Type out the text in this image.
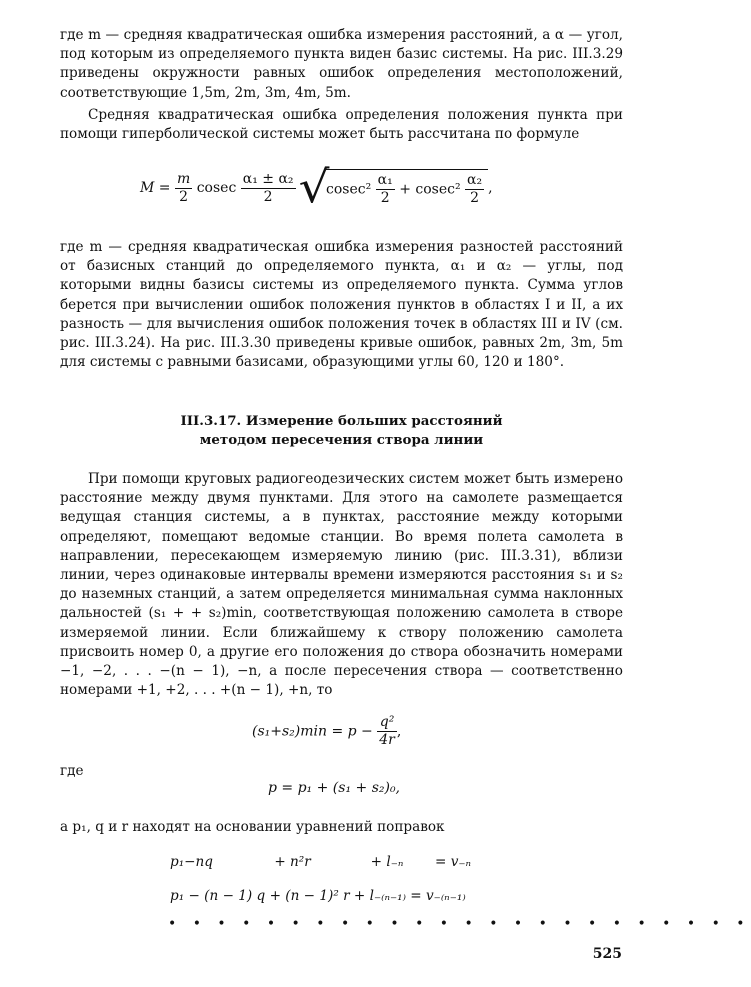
где m — средняя квадратическая ошибка измерения расстояний, а α — угол, под которым из определяемого пункта виден базис системы. На рис. III.3.29 приведены окружности равных ошибок определения местоположений, соответствующие 1,5m, 2m, 3m, 4m, 5m.

Средняя квадратическая ошибка определения положения пункта при помощи гиперболической системы может быть рассчитана по формуле

$M = \frac{m}{2}$ cosec $\frac{\text{α₁ ± α₂}}{2} √cosec^2 \frac{\text{α₁}}{2} + cosec^2 \frac{\text{α₂}}{2}$ ,

где m — средняя квадратическая ошибка измерения разностей расстояний от базисных станций до определяемого пункта, α₁ и α₂ — углы, под которыми видны базисы системы из определяемого пункта. Сумма углов берется при вычислении ошибок положения пунктов в областях I и II, а их разность — для вычисления ошибок положения точек в областях III и IV (см. рис. III.3.24). На рис. III.3.30 приведены кривые ошибок, равных 2m, 3m, 5m для системы с равными базисами, образующими углы 60, 120 и 180°.

III.3.17. Измерение больших расстояний
методом пересечения створа линии

При помощи круговых радиогеодезических систем может быть измерено расстояние между двумя пунктами. Для этого на самолете размещается ведущая станция системы, а в пунктах, расстояние между которыми определяют, помещают ведомые станции. Во время полета самолета в направлении, пересекающем измеряемую линию (рис. III.3.31), вблизи линии, через одинаковые интервалы времени измеряются расстояния s₁ и s₂ до наземных станций, а затем определяется минимальная сумма наклонных дальностей (s₁ + + s₂)min, соответствующая положению самолета в створе измеряемой линии. Если ближайшему к створу положению самолета присвоить номер 0, а другие его положения до створа обозначить номерами −1, −2, . . . −(n − 1), −n, а после пересечения створа — соответственно номерами +1, +2, . . . +(n − 1), +n, то

$(s_1+s_2)\min = p - \frac{\text{q²}}{4r}$ ,
где
p = p₁ + (s₁ + s₂)₀,

а p₁, q и r находят на основании уравнений поправок

p₁−nq	+ n²r	+ l₋ₙ = v₋ₙ
p₁ − (n − 1) q + (n − 1)² r + l₋₍ₙ₋₁₎ = v₋₍ₙ₋₁₎
• • • • • • • • • • • • • • • • • • • • • • • •
525
